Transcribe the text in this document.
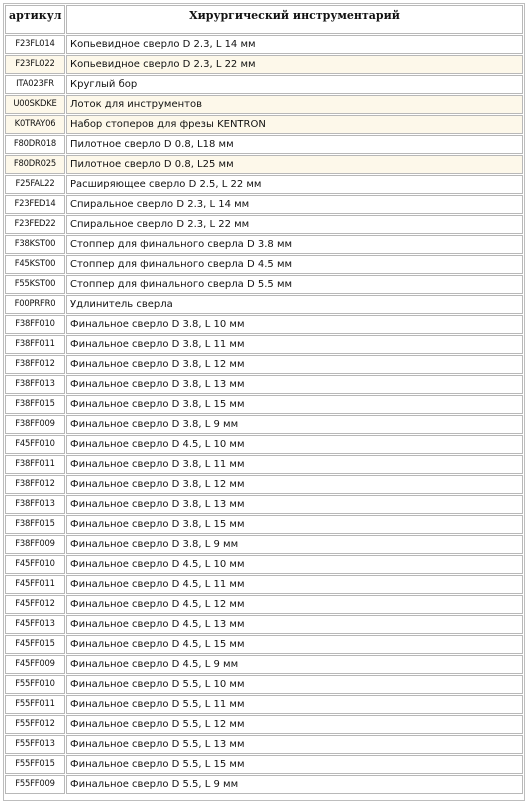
артикул	Хирургический инструментарий
F23FL014	Копьевидное сверло D 2.3, L 14 мм
F23FL022	Копьевидное сверло D 2.3, L 22 мм
ITA023FR	Круглый бор
U00SKDKE	Лоток для инструментов
K0TRAY06	Набор стоперов для фрезы KENTRON
F80DR018	Пилотное сверло D 0.8, L18 мм
F80DR025	Пилотное сверло D 0.8, L25 мм
F25FAL22	Расширяющее сверло D 2.5, L 22 мм
F23FED14	Спиральное сверло D 2.3, L 14 мм
F23FED22	Спиральное сверло D 2.3, L 22 мм
F38KST00	Стоппер для финального сверла D 3.8 мм
F45KST00	Стоппер для финального сверла D 4.5 мм
F55KST00	Стоппер для финального сверла D 5.5 мм
F00PRFR0	Удлинитель сверла
F38FF010	Финальное сверло D 3.8, L 10 мм
F38FF011	Финальное сверло D 3.8, L 11 мм
F38FF012	Финальное сверло D 3.8, L 12 мм
F38FF013	Финальное сверло D 3.8, L 13 мм
F38FF015	Финальное сверло D 3.8, L 15 мм
F38FF009	Финальное сверло D 3.8, L 9 мм
F45FF010	Финальное сверло D 4.5, L 10 мм
F38FF011	Финальное сверло D 3.8, L 11 мм
F38FF012	Финальное сверло D 3.8, L 12 мм
F38FF013	Финальное сверло D 3.8, L 13 мм
F38FF015	Финальное сверло D 3.8, L 15 мм
F38FF009	Финальное сверло D 3.8, L 9 мм
F45FF010	Финальное сверло D 4.5, L 10 мм
F45FF011	Финальное сверло D 4.5, L 11 мм
F45FF012	Финальное сверло D 4.5, L 12 мм
F45FF013	Финальное сверло D 4.5, L 13 мм
F45FF015	Финальное сверло D 4.5, L 15 мм
F45FF009	Финальное сверло D 4.5, L 9 мм
F55FF010	Финальное сверло D 5.5, L 10 мм
F55FF011	Финальное сверло D 5.5, L 11 мм
F55FF012	Финальное сверло D 5.5, L 12 мм
F55FF013	Финальное сверло D 5.5, L 13 мм
F55FF015	Финальное сверло D 5.5, L 15 мм
F55FF009	Финальное сверло D 5.5, L 9 мм
